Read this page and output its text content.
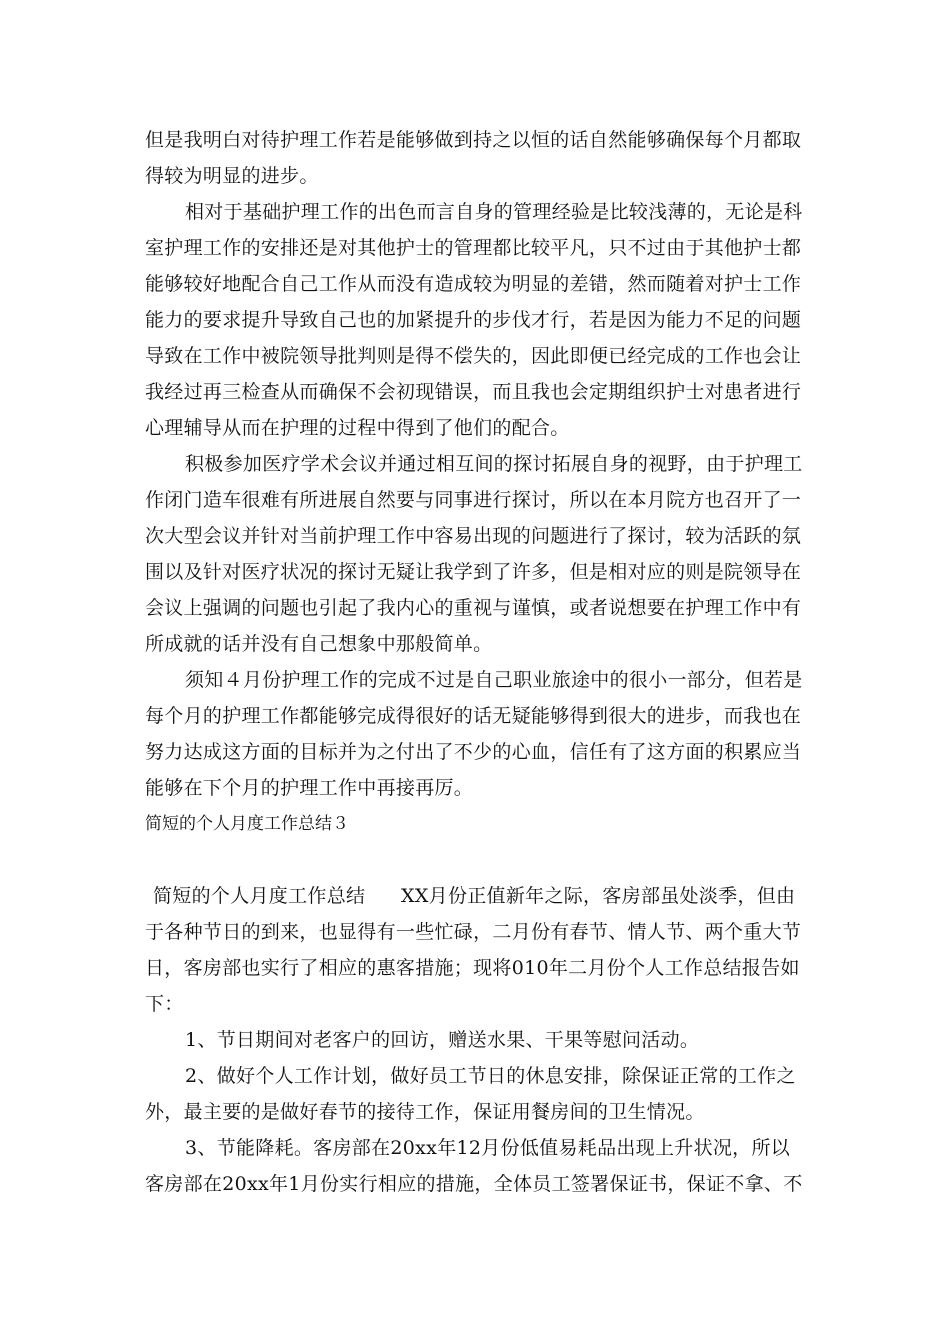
但是我明白对待护理工作若是能够做到持之以恒的话自然能够确保每个月都取
得较为明显的进步。
相对于基础护理工作的出色而言自身的管理经验是比较浅薄的，无论是科
室护理工作的安排还是对其他护士的管理都比较平凡，只不过由于其他护士都
能够较好地配合自己工作从而没有造成较为明显的差错，然而随着对护士工作
能力的要求提升导致自己也的加紧提升的步伐才行，若是因为能力不足的问题
导致在工作中被院领导批判则是得不偿失的，因此即便已经完成的工作也会让
我经过再三检查从而确保不会初现错误，而且我也会定期组织护士对患者进行
心理辅导从而在护理的过程中得到了他们的配合。
积极参加医疗学术会议并通过相互间的探讨拓展自身的视野，由于护理工
作闭门造车很难有所进展自然要与同事进行探讨，所以在本月院方也召开了一
次大型会议并针对当前护理工作中容易出现的问题进行了探讨，较为活跃的氛
围以及针对医疗状况的探讨无疑让我学到了许多，但是相对应的则是院领导在
会议上强调的问题也引起了我内心的重视与谨慎，或者说想要在护理工作中有
所成就的话并没有自己想象中那般简单。
须知４月份护理工作的完成不过是自己职业旅途中的很小一部分，但若是
每个月的护理工作都能够完成得很好的话无疑能够得到很大的进步，而我也在
努力达成这方面的目标并为之付出了不少的心血，信任有了这方面的积累应当
能够在下个月的护理工作中再接再厉。
简短的个人月度工作总结３
简短的个人月度工作总结 XX月份正值新年之际，客房部虽处淡季，但由
于各种节日的到来，也显得有一些忙碌，二月份有春节、情人节、两个重大节
日，客房部也实行了相应的惠客措施；现将010年二月份个人工作总结报告如
下：
1、节日期间对老客户的回访，赠送水果、干果等慰问活动。
2、做好个人工作计划，做好员工节日的休息安排，除保证正常的工作之
外，最主要的是做好春节的接待工作，保证用餐房间的卫生情况。
3、节能降耗。客房部在20xx年12月份低值易耗品出现上升状况，所以
客房部在20xx年1月份实行相应的措施，全体员工签署保证书，保证不拿、不
